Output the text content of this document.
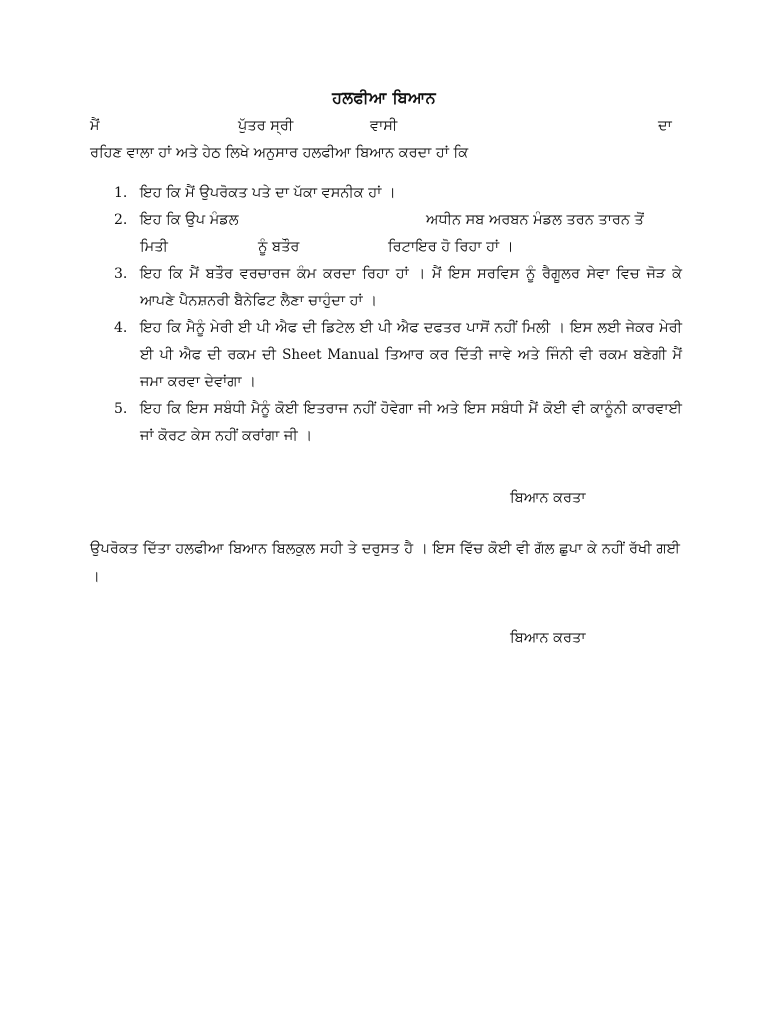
ਹਲਫੀਆ ਬਿਆਨ
ਮੈਂ	ਪੁੱਤਰ ਸ੍ਰੀ	ਵਾਸੀ	ਦਾ
ਰਹਿਣ ਵਾਲਾ ਹਾਂ ਅਤੇ ਹੇਠ ਲਿਖੇ ਅਨੁਸਾਰ ਹਲਫੀਆ ਬਿਆਨ ਕਰਦਾ ਹਾਂ ਕਿ
1. ਇਹ ਕਿ ਮੈਂ ਉਪਰੋਕਤ ਪਤੇ ਦਾ ਪੱਕਾ ਵਸਨੀਕ ਹਾਂ ।
2. ਇਹ ਕਿ ਉਪ ਮੰਡਲ	ਅਧੀਨ ਸਬ ਅਰਬਨ ਮੰਡਲ ਤਰਨ ਤਾਰਨ ਤੋਂ
ਮਿਤੀ	ਨੂੰ ਬਤੌਰ	ਰਿਟਾਇਰ ਹੋ ਰਿਹਾ ਹਾਂ ।
3. ਇਹ ਕਿ ਮੈਂ ਬਤੌਰ ਵਰਚਾਰਜ ਕੰਮ ਕਰਦਾ ਰਿਹਾ ਹਾਂ । ਮੈਂ ਇਸ ਸਰਵਿਸ ਨੂੰ ਰੈਗੂਲਰ ਸੇਵਾ ਵਿਚ ਜੋੜ ਕੇ ਆਪਣੇ ਪੈਨਸ਼ਨਰੀ ਬੈਨੇਫਿਟ ਲੈਣਾ ਚਾਹੁੰਦਾ ਹਾਂ ।
4. ਇਹ ਕਿ ਮੈਨੂੰ ਮੇਰੀ ਈ ਪੀ ਐਫ ਦੀ ਡਿਟੇਲ ਈ ਪੀ ਐਫ ਦਫਤਰ ਪਾਸੋਂ ਨਹੀਂ ਮਿਲੀ । ਇਸ ਲਈ ਜੇਕਰ ਮੇਰੀ ਈ ਪੀ ਐਫ ਦੀ ਰਕਮ ਦੀ Sheet Manual ਤਿਆਰ ਕਰ ਦਿੱਤੀ ਜਾਵੇ ਅਤੇ ਜਿੰਨੀ ਵੀ ਰਕਮ ਬਣੇਗੀ ਮੈਂ ਜਮਾ ਕਰਵਾ ਦੇਵਾਂਗਾ ।
5. ਇਹ ਕਿ ਇਸ ਸਬੰਧੀ ਮੈਨੂੰ ਕੋਈ ਇਤਰਾਜ ਨਹੀਂ ਹੋਵੇਗਾ ਜੀ ਅਤੇ ਇਸ ਸਬੰਧੀ ਮੈਂ ਕੋਈ ਵੀ ਕਾਨੂੰਨੀ ਕਾਰਵਾਈ ਜਾਂ ਕੋਰਟ ਕੇਸ ਨਹੀਂ ਕਰਾਂਗਾ ਜੀ ।
ਬਿਆਨ ਕਰਤਾ
ਉਪਰੋਕਤ ਦਿੱਤਾ ਹਲਫੀਆ ਬਿਆਨ ਬਿਲਕੁਲ ਸਹੀ ਤੇ ਦਰੁਸਤ ਹੈ । ਇਸ ਵਿੱਚ ਕੋਈ ਵੀ ਗੱਲ ਛੁਪਾ ਕੇ ਨਹੀਂ ਰੱਖੀ ਗਈ ।
ਬਿਆਨ ਕਰਤਾ
